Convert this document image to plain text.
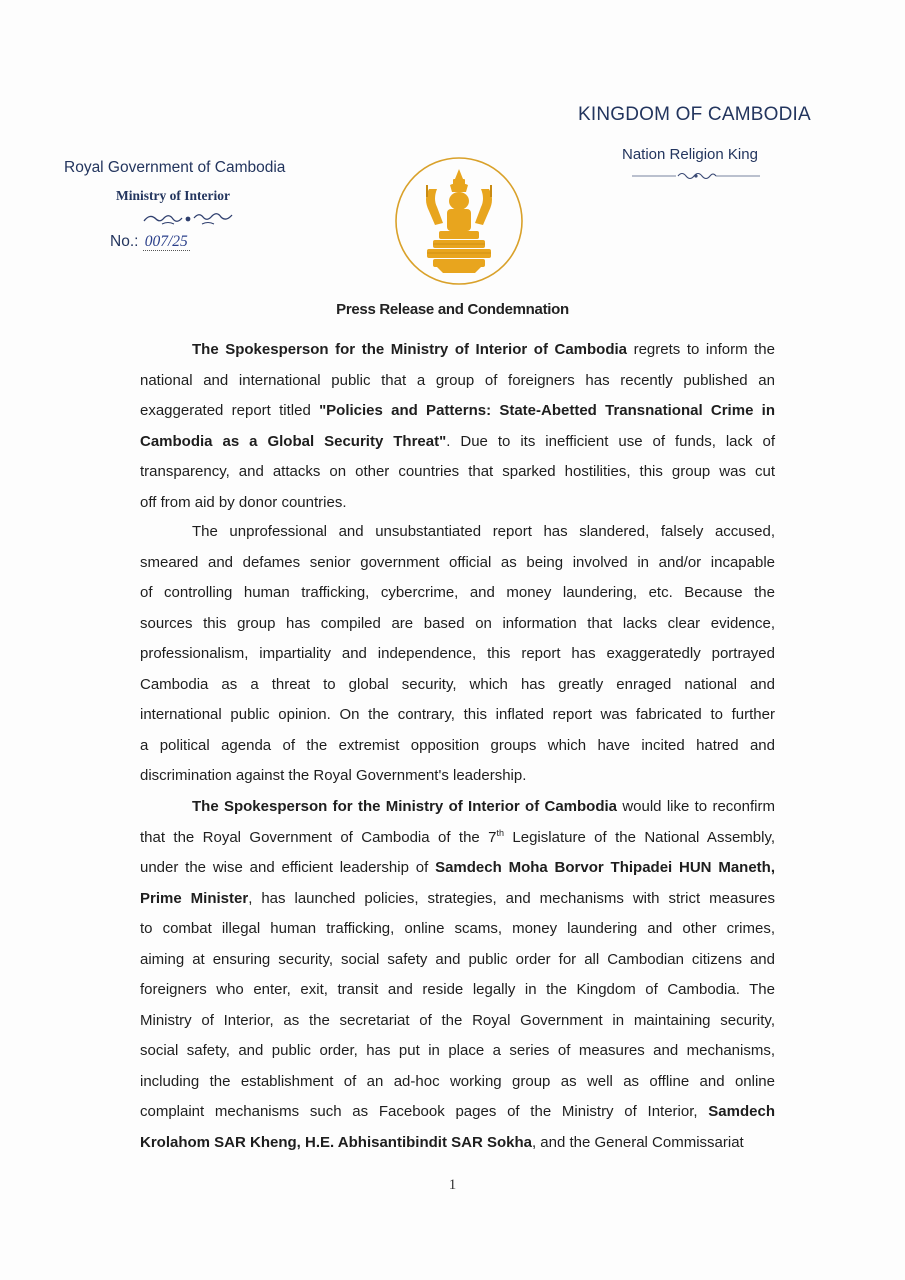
KINGDOM OF CAMBODIA
Nation Religion King
Royal Government of Cambodia
Ministry of Interior
No.: 007/25
Press Release and Condemnation
The Spokesperson for the Ministry of Interior of Cambodia regrets to inform the
national and international public that a group of foreigners has recently published an
exaggerated report titled "Policies and Patterns: State-Abetted Transnational Crime in
Cambodia as a Global Security Threat". Due to its inefficient use of funds, lack of
transparency, and attacks on other countries that sparked hostilities, this group was cut
off from aid by donor countries.
The unprofessional and unsubstantiated report has slandered, falsely accused,
smeared and defames senior government official as being involved in and/or incapable
of controlling human trafficking, cybercrime, and money laundering, etc. Because the
sources this group has compiled are based on information that lacks clear evidence,
professionalism, impartiality and independence, this report has exaggeratedly portrayed
Cambodia as a threat to global security, which has greatly enraged national and
international public opinion. On the contrary, this inflated report was fabricated to further
a political agenda of the extremist opposition groups which have incited hatred and
discrimination against the Royal Government's leadership.
The Spokesperson for the Ministry of Interior of Cambodia would like to reconfirm
that the Royal Government of Cambodia of the 7th Legislature of the National Assembly,
under the wise and efficient leadership of Samdech Moha Borvor Thipadei HUN Maneth,
Prime Minister, has launched policies, strategies, and mechanisms with strict measures
to combat illegal human trafficking, online scams, money laundering and other crimes,
aiming at ensuring security, social safety and public order for all Cambodian citizens and
foreigners who enter, exit, transit and reside legally in the Kingdom of Cambodia. The
Ministry of Interior, as the secretariat of the Royal Government in maintaining security,
social safety, and public order, has put in place a series of measures and mechanisms,
including the establishment of an ad-hoc working group as well as offline and online
complaint mechanisms such as Facebook pages of the Ministry of Interior, Samdech
Krolahom SAR Kheng, H.E. Abhisantibindit SAR Sokha, and the General Commissariat
1
